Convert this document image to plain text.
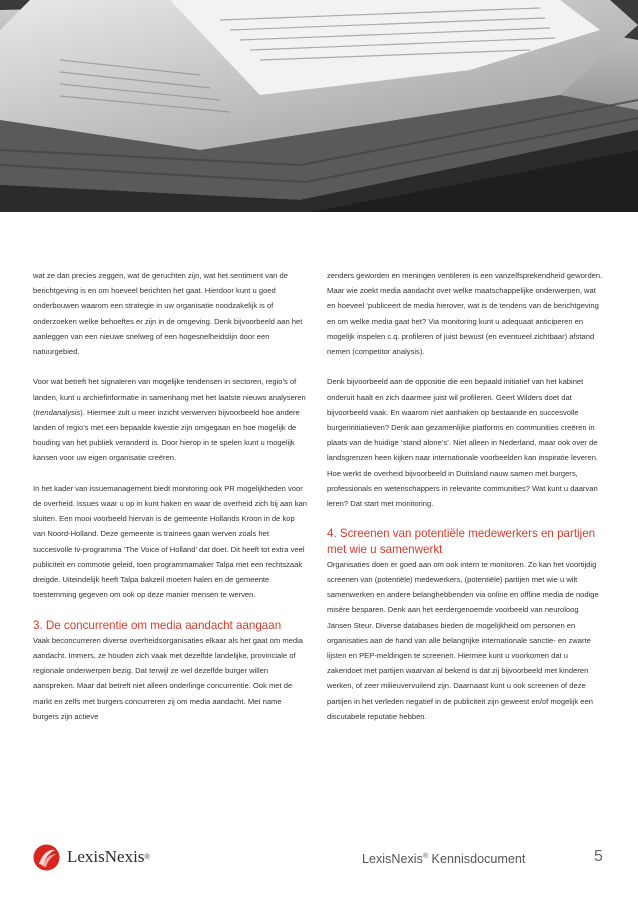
wat ze dan precies zeggen, wat de geruchten zijn, wat het sentiment van de berichtgeving is en om hoeveel berichten het gaat. Hierdoor kunt u goed onderbouwen waarom een strategie in uw organisatie noodzakelijk is of onderzoeken welke behoeftes er zijn in de omgeving. Denk bijvoorbeeld aan het aanleggen van een nieuwe snelweg of een hogesnelheidslijn door een natuurgebied.

Voor wat betreft het signaleren van mogelijke tendensen in sectoren, regio’s of landen, kunt u archiefinformatie in samenhang met het laatste nieuws analyseren (trendanalysis). Hiermee zult u meer inzicht verwerven bijvoorbeeld hoe andere landen of regio’s met een bepaalde kwestie zijn omgegaan en hoe mogelijk de houding van het publiek veranderd is. Door hierop in te spelen kunt u mogelijk kansen voor uw eigen organisatie creëren.

In het kader van issuemanagement biedt monitoring ook PR mogelijkheden voor de overheid. Issues waar u op in kunt haken en waar de overheid zich bij aan kan sluiten. Een mooi voorbeeld hiervan is de gemeente Hollands Kroon in de kop van Noord-Holland. Deze gemeente is trainees gaan werven zoals het succesvolle tv-programma ‘The Voice of Holland’ dat doet. Dit heeft tot extra veel publiciteit en commotie geleid, toen programmamaker Talpa met een rechtszaak dreigde. Uiteindelijk heeft Talpa bakzeil moeten halen en de gemeente toestemming gegeven om ook op deze manier mensen te werven.

3. De concurrentie om media aandacht aangaan

Vaak beconcurreren diverse overheidsorganisaties elkaar als het gaat om media aandacht. Immers, ze houden zich vaak met dezelfde landelijke, provinciale of regionale onderwerpen bezig. Dat terwijl ze wel dezelfde burger willen aanspreken. Maar dat betreft niet alleen onderlinge concurrentie. Ook met de markt en zelfs met burgers concurreren zij om media aandacht. Met name burgers zijn actieve

zenders geworden en meningen ventileren is een vanzelfsprekendheid geworden. Maar wie zoekt media aandacht over welke maatschappelijke onderwerpen, wat en hoeveel ‘publiceert de media hierover, wat is de tendens van de berichtgeving en om welke media gaat het? Via monitoring kunt u adequaat anticiperen en mogelijk inspelen c.q. profileren of juist bewust (en eventueel zichtbaar) afstand nemen (competitor analysis).

Denk bijvoorbeeld aan de oppositie die een bepaald initiatief van het kabinet onderuit haalt en zich daarmee juist wil profileren. Geert Wilders doet dat bijvoorbeeld vaak. En waarom niet aanhaken op bestaande en succesvolle burgerinitiatieven? Denk aan gezamenlijke platforms en communities creëren in plaats van de huidige ‘stand alone’s’. Niet alleen in Nederland, maar ook over de landsgrenzen heen kijken naar internationale voorbeelden kan inspiratie leveren. Hoe werkt de overheid bijvoorbeeld in Duitsland nauw samen met burgers, professionals en wetenschappers in relevante communities? Wat kunt u daarvan leren? Dat start met monitoring.

4. Screenen van potentiële medewerkers en partijen met wie u samenwerkt

Organisaties doen er goed aan om ook intern te monitoren. Zo kan het voortijdig screenen van (potentiële) medewerkers, (potentiële) partijen met wie u wilt samenwerken en andere belanghebbenden via online en offline media de nodige misère besparen. Denk aan het eerdergenoemde voorbeeld van neuroloog Jansen Steur. Diverse databases bieden de mogelijkheid om personen en organisaties aan de hand van alle belangrijke internationale sanctie- en zwarte lijsten en PEP-meldingen te screenen. Hiermee kunt u voorkomen dat u zakendoet met partijen waarvan al bekend is dat zij bijvoorbeeld met kinderen werken, of zeer milieuvervuilend zijn. Daarnaast kunt u ook screenen of deze partijen in het verleden negatief in de publiciteit zijn geweest en/of mogelijk een discutabele reputatie hebben.

LexisNexis ®	LexisNexis® Kennisdocument	5
